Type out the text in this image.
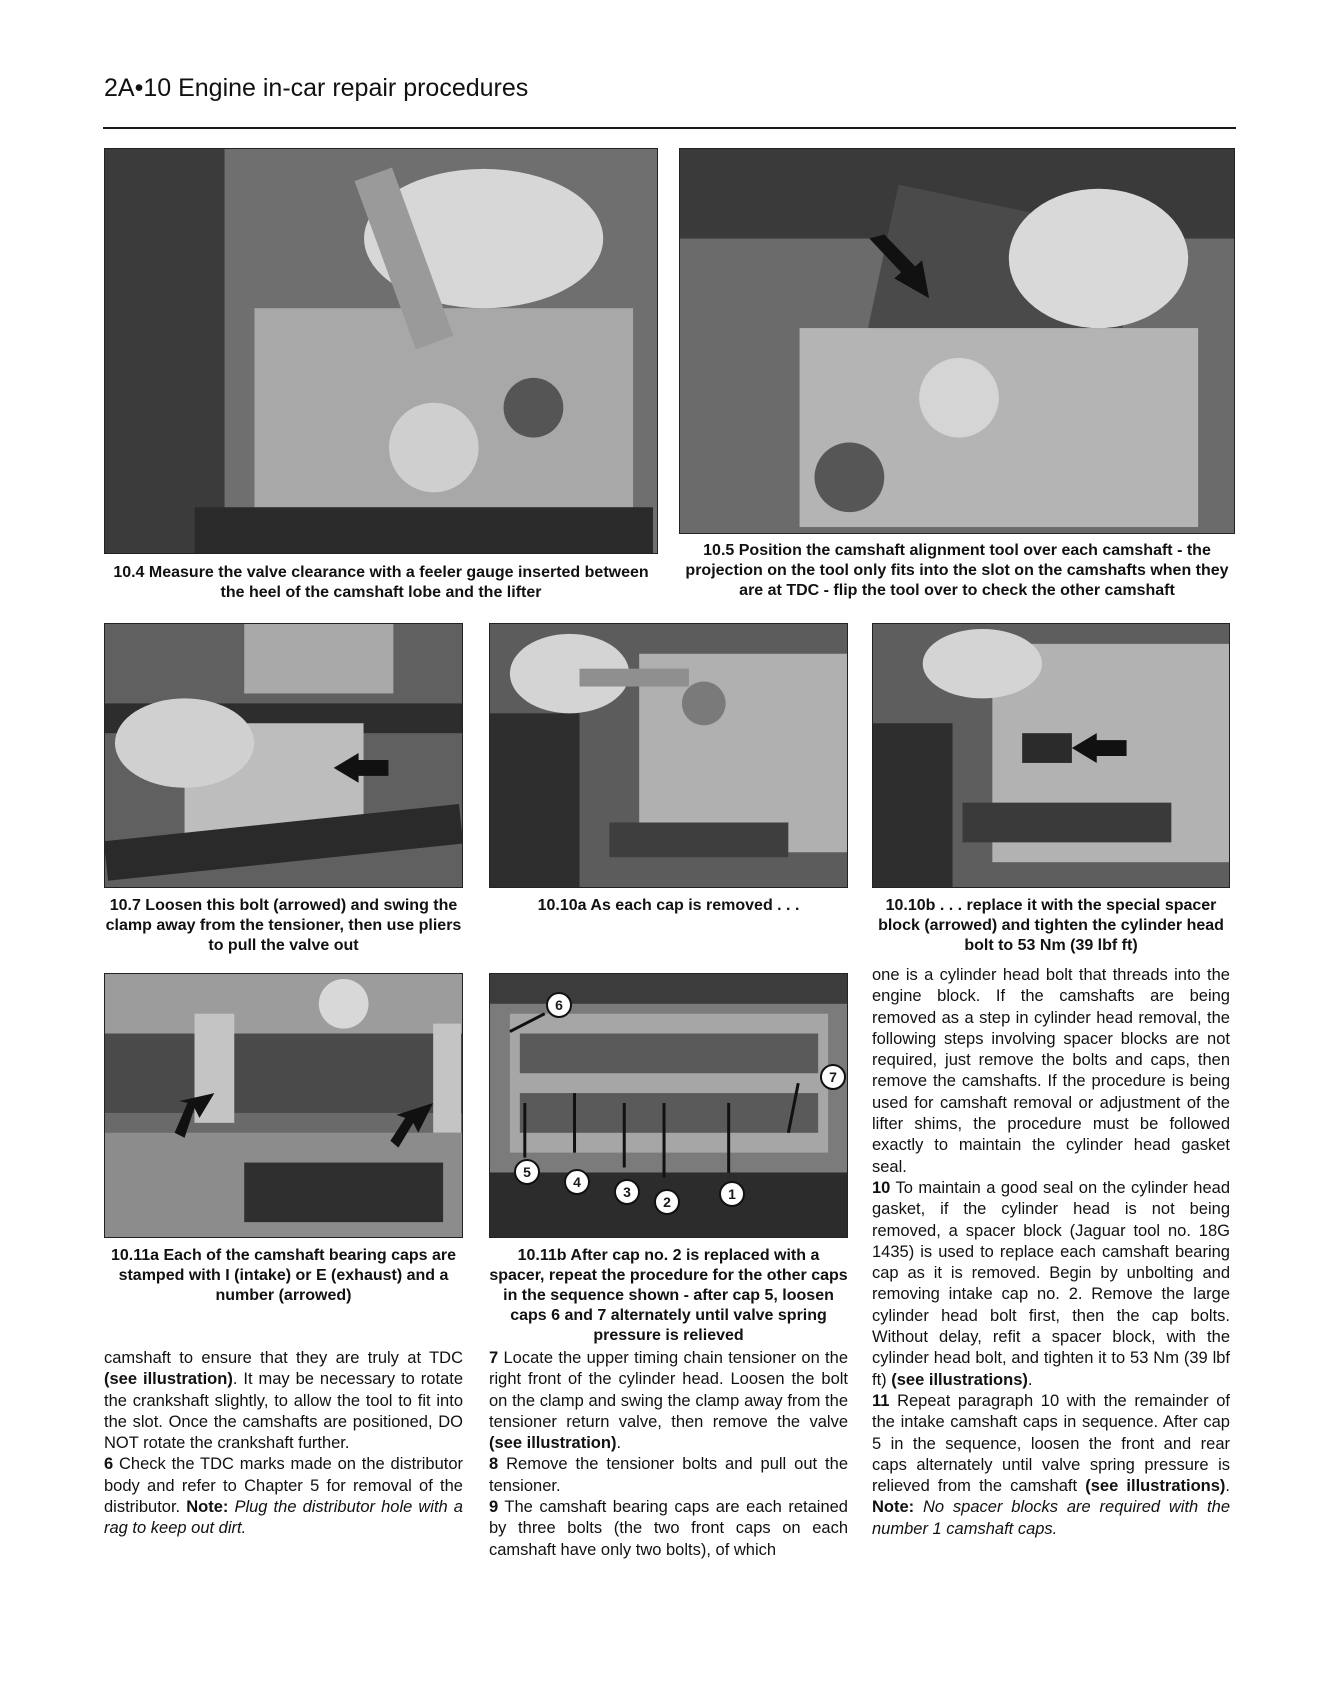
2A•10 Engine in-car repair procedures
10.4 Measure the valve clearance with a feeler gauge inserted between the heel of the camshaft lobe and the lifter
10.5 Position the camshaft alignment tool over each camshaft - the projection on the tool only fits into the slot on the camshafts when they are at TDC - flip the tool over to check the other camshaft
10.7 Loosen this bolt (arrowed) and swing the clamp away from the tensioner, then use pliers to pull the valve out
10.10a As each cap is removed . . .	10.10b . . . replace it with the special spacer block (arrowed) and tighten the cylinder head bolt to 53 Nm (39 lbf ft)
10.11a Each of the camshaft bearing caps are stamped with I (intake) or E (exhaust) and a number (arrowed)
6
7
5
4
3
2	1
10.11b After cap no. 2 is replaced with a spacer, repeat the procedure for the other caps in the sequence shown - after cap 5, loosen caps 6 and 7 alternately until valve spring pressure is relieved

camshaft to ensure that they are truly at TDC (see illustration). It may be necessary to rotate the crankshaft slightly, to allow the tool to fit into the slot. Once the camshafts are positioned, DO NOT rotate the crankshaft further.

6 Check the TDC marks made on the distributor body and refer to Chapter 5 for removal of the distributor. Note: Plug the distributor hole with a rag to keep out dirt.

7 Locate the upper timing chain tensioner on the right front of the cylinder head. Loosen the bolt on the clamp and swing the clamp away from the tensioner return valve, then remove the valve (see illustration).

8 Remove the tensioner bolts and pull out the tensioner.

9 The camshaft bearing caps are each retained by three bolts (the two front caps on each camshaft have only two bolts), of which

one is a cylinder head bolt that threads into the engine block. If the camshafts are being removed as a step in cylinder head removal, the following steps involving spacer blocks are not required, just remove the bolts and caps, then remove the camshafts. If the procedure is being used for camshaft removal or adjustment of the lifter shims, the procedure must be followed exactly to maintain the cylinder head gasket seal.

10 To maintain a good seal on the cylinder head gasket, if the cylinder head is not being removed, a spacer block (Jaguar tool no. 18G 1435) is used to replace each camshaft bearing cap as it is removed. Begin by unbolting and removing intake cap no. 2. Remove the large cylinder head bolt first, then the cap bolts. Without delay, refit a spacer block, with the cylinder head bolt, and tighten it to 53 Nm (39 lbf ft) (see illustrations).

11 Repeat paragraph 10 with the remainder of the intake camshaft caps in sequence. After cap 5 in the sequence, loosen the front and rear caps alternately until valve spring pressure is relieved from the camshaft (see illustrations). Note: No spacer blocks are required with the number 1 camshaft caps.
